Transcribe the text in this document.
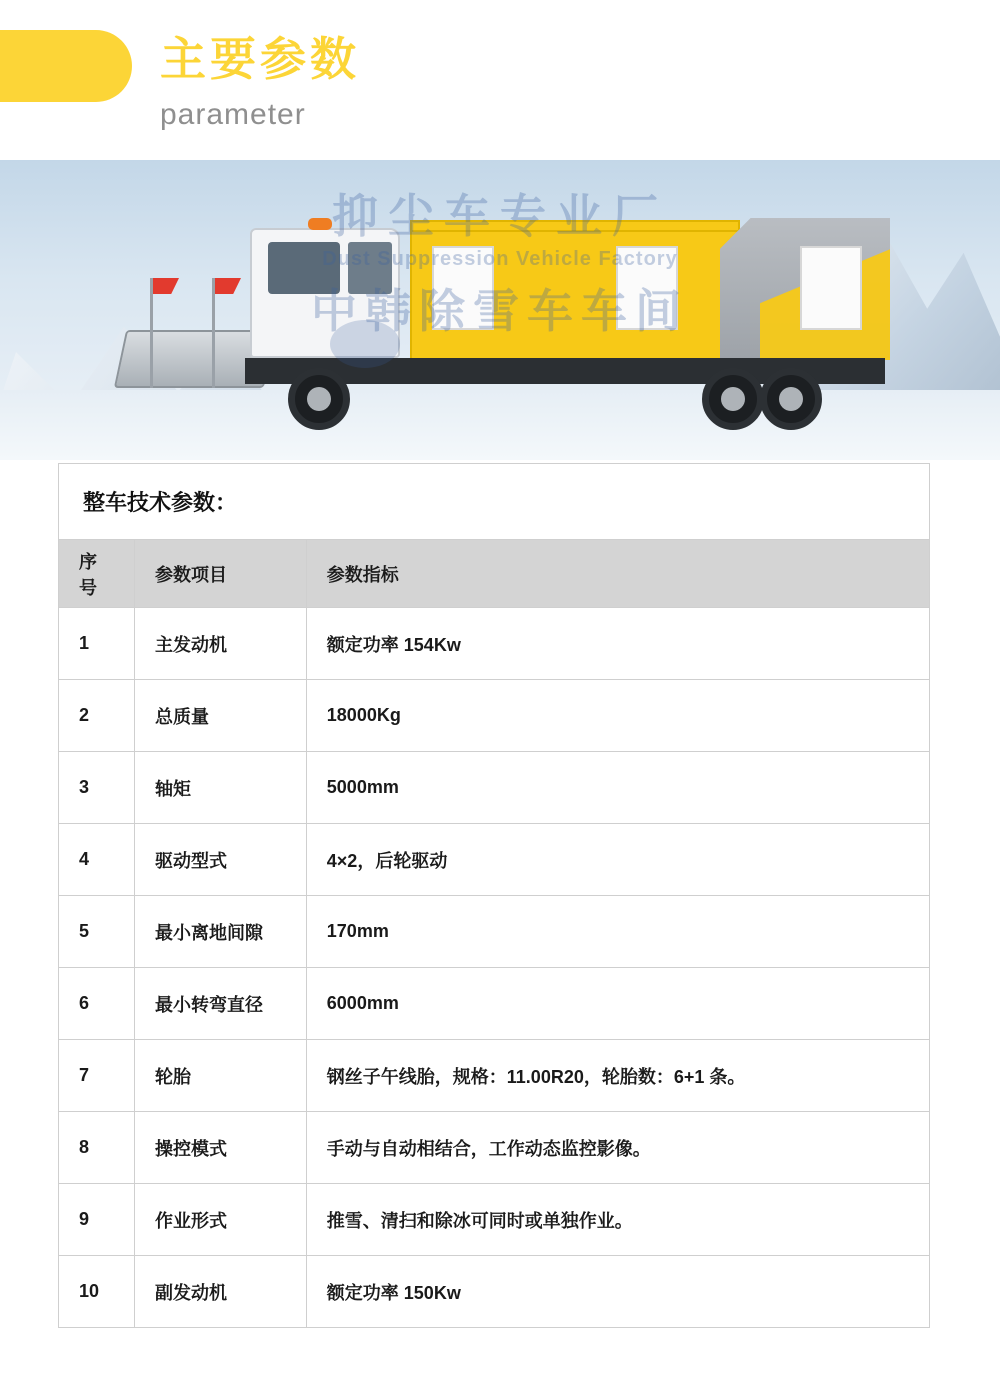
主要参数
parameter
抑尘车专业厂
Dust Suppression Vehicle Factory
中韩除雪车车间
整车技术参数：
序号	参数项目	参数指标
1	主发动机	额定功率 154Kw
2	总质量	18000Kg
3	轴矩	5000mm
4	驱动型式	4×2，后轮驱动
5	最小离地间隙	170mm
6	最小转弯直径	6000mm
7	轮胎	钢丝子午线胎，规格：11.00R20，轮胎数：6+1 条。
8	操控模式	手动与自动相结合，工作动态监控影像。
9	作业形式	推雪、清扫和除冰可同时或单独作业。
10	副发动机	额定功率 150Kw
